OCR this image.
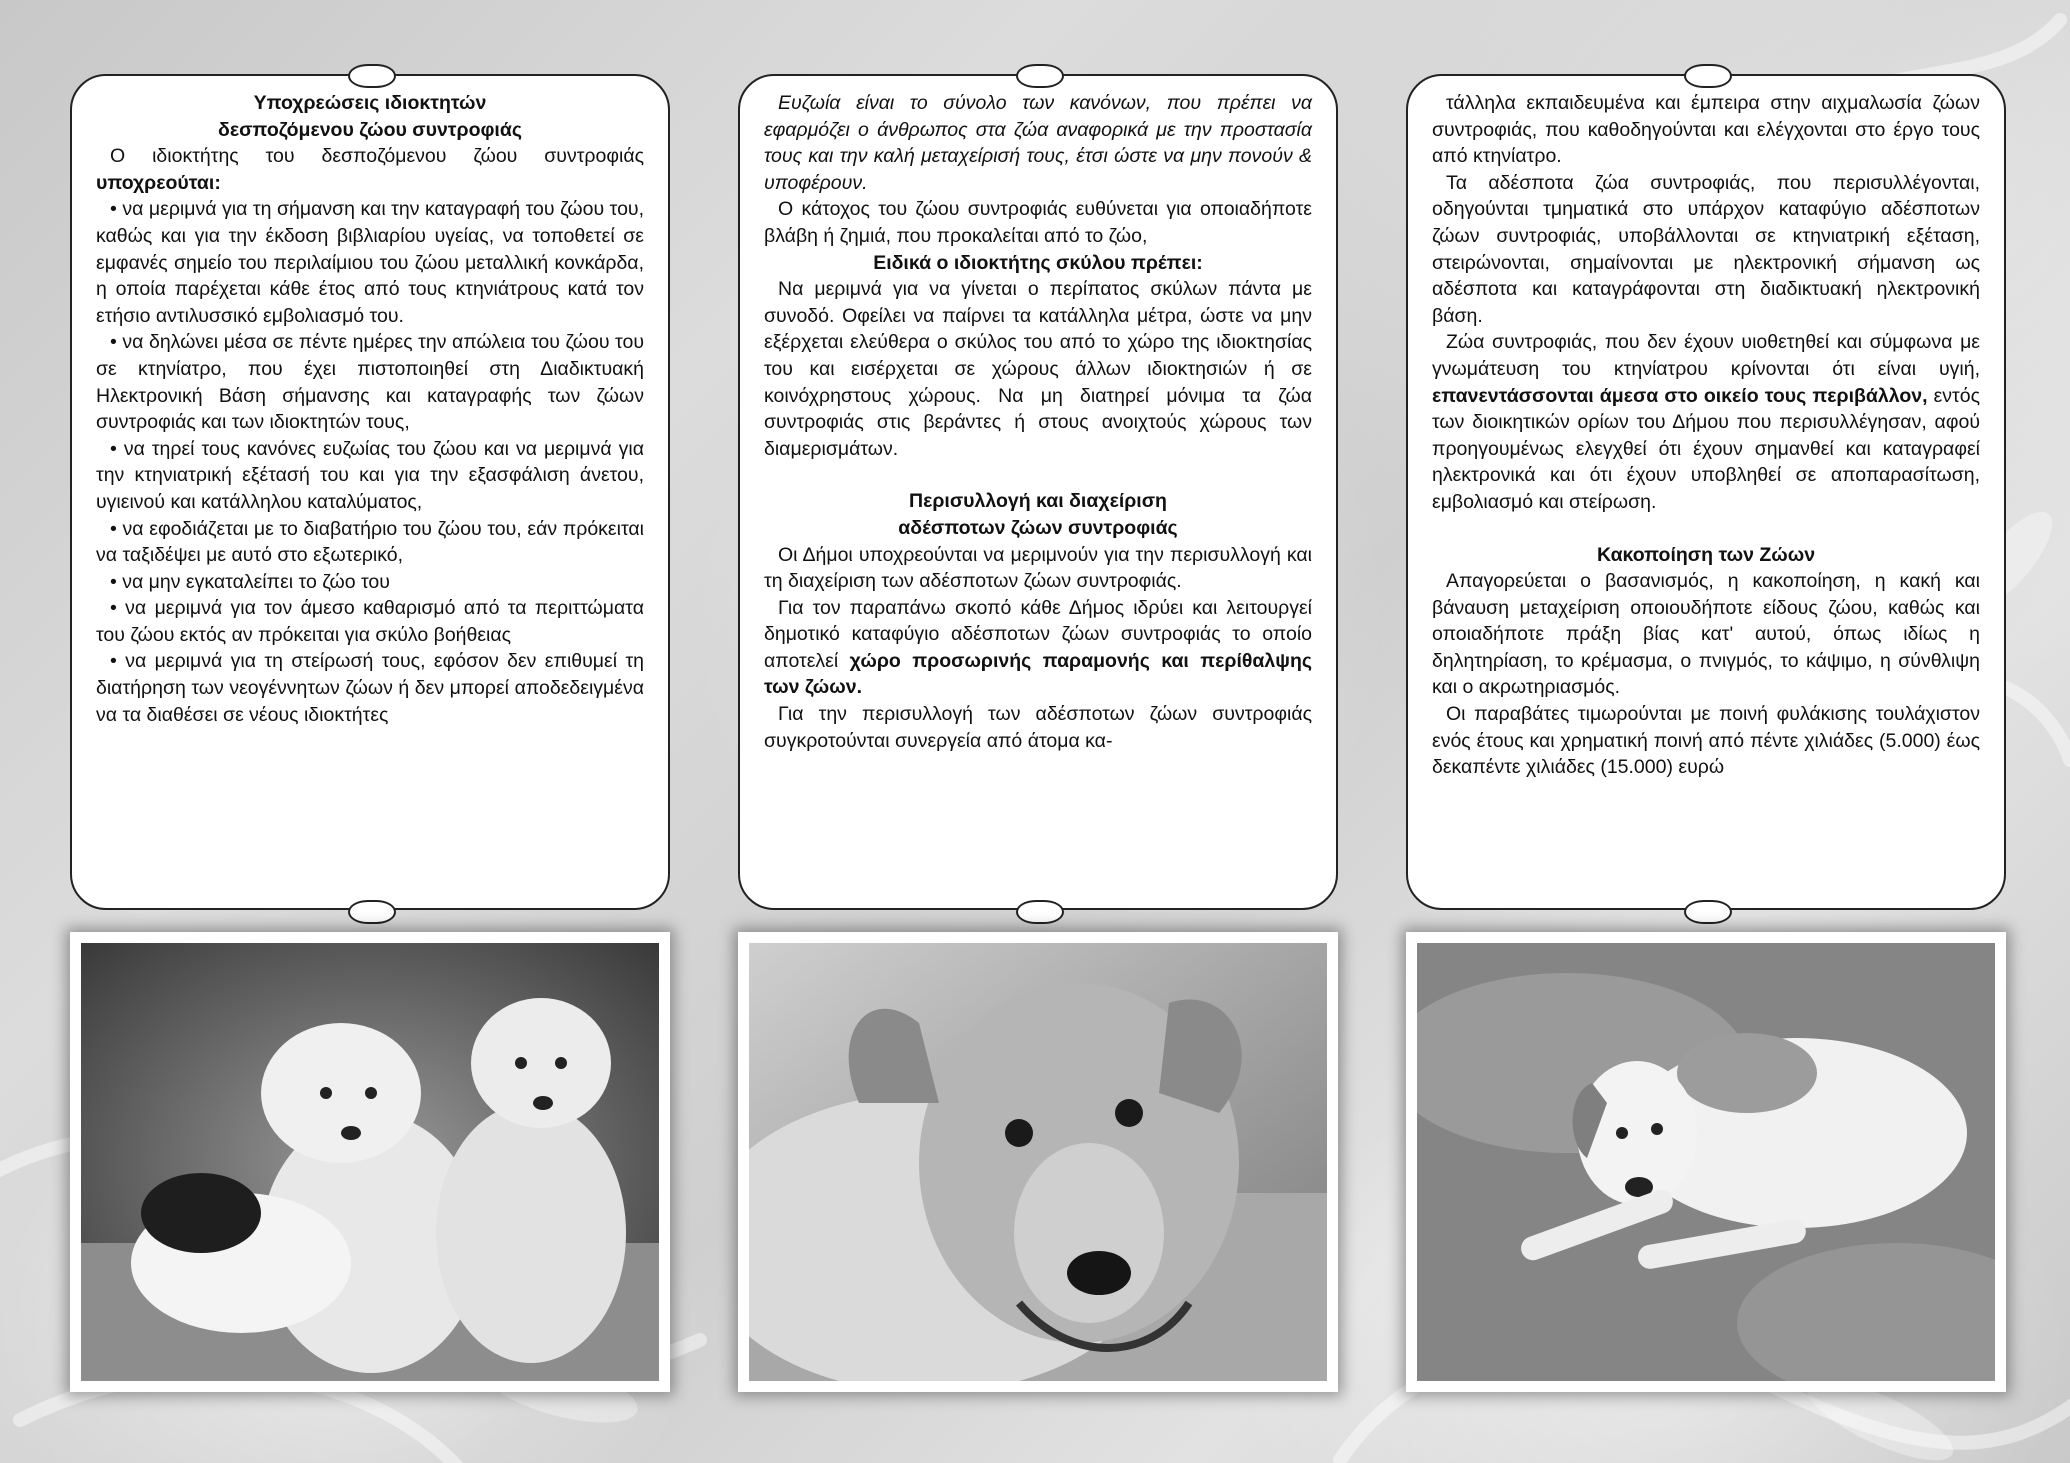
Υποχρεώσεις ιδιοκτητών
δεσποζόμενου ζώου συντροφιάς

Ο ιδιοκτήτης του δεσποζόμενου ζώου συντροφιάς υποχρεούται:

• να μεριμνά για τη σήμανση και την καταγραφή του ζώου του, καθώς και για την έκδοση βιβλιαρίου υγείας, να τοποθετεί σε εμφανές σημείο του περιλαίμιου του ζώου μεταλλική κονκάρδα, η οποία παρέχεται κάθε έτος από τους κτηνιάτρους κατά τον ετήσιο αντιλυσσικό εμβολιασμό του.

• να δηλώνει μέσα σε πέντε ημέρες την απώλεια του ζώου του σε κτηνίατρο, που έχει πιστοποιηθεί στη Διαδικτυακή Ηλεκτρονική Βάση σήμανσης και καταγραφής των ζώων συντροφιάς και των ιδιοκτητών τους,

• να τηρεί τους κανόνες ευζωίας του ζώου και να μεριμνά για την κτηνιατρική εξέτασή του και για την εξασφάλιση άνετου, υγιεινού και κατάλληλου καταλύματος,

• να εφοδιάζεται με το διαβατήριο του ζώου του, εάν πρόκειται να ταξιδέψει με αυτό στο εξωτερικό,

• να μην εγκαταλείπει το ζώο του

• να μεριμνά για τον άμεσο καθαρισμό από τα περιττώματα του ζώου εκτός αν πρόκειται για σκύλο βοήθειας

• να μεριμνά για τη στείρωσή τους, εφόσον δεν επιθυμεί τη διατήρηση των νεογέννητων ζώων ή δεν μπορεί αποδεδειγμένα να τα διαθέσει σε νέους ιδιοκτήτες

Ευζωία είναι το σύνολο των κανόνων, που πρέπει να εφαρμόζει ο άνθρωπος στα ζώα αναφορικά με την προστασία τους και την καλή μεταχείρισή τους, έτσι ώστε να μην πονούν & υποφέρουν.

Ο κάτοχος του ζώου συντροφιάς ευθύνεται για οποιαδήποτε βλάβη ή ζημιά, που προκαλείται από το ζώο,

Ειδικά ο ιδιοκτήτης σκύλου πρέπει:

Να μεριμνά για να γίνεται ο περίπατος σκύλων πάντα με συνοδό. Οφείλει να παίρνει τα κατάλληλα μέτρα, ώστε να μην εξέρχεται ελεύθερα ο σκύλος του από το χώρο της ιδιοκτησίας του και εισέρχεται σε χώρους άλλων ιδιοκτησιών ή σε κοινόχρηστους χώρους. Να μη διατηρεί μόνιμα τα ζώα συντροφιάς στις βεράντες ή στους ανοιχτούς χώρους των διαμερισμάτων.

Περισυλλογή και διαχείριση
αδέσποτων ζώων συντροφιάς

Οι Δήμοι υποχρεούνται να μεριμνούν για την περισυλλογή και τη διαχείριση των αδέσποτων ζώων συντροφιάς.

Για τον παραπάνω σκοπό κάθε Δήμος ιδρύει και λειτουργεί δημοτικό καταφύγιο αδέσποτων ζώων συντροφιάς το οποίο αποτελεί χώρο προσωρινής παραμονής και περίθαλψης των ζώων.

Για την περισυλλογή των αδέσποτων ζώων συντροφιάς συγκροτούνται συνεργεία από άτομα κα-

τάλληλα εκπαιδευμένα και έμπειρα στην αιχμαλωσία ζώων συντροφιάς, που καθοδηγούνται και ελέγχονται στο έργο τους από κτηνίατρο.

Τα αδέσποτα ζώα συντροφιάς, που περισυλλέγονται, οδηγούνται τμηματικά στο υπάρχον καταφύγιο αδέσποτων ζώων συντροφιάς, υποβάλλονται σε κτηνιατρική εξέταση, στειρώνονται, σημαίνονται με ηλεκτρονική σήμανση ως αδέσποτα και καταγράφονται στη διαδικτυακή ηλεκτρονική βάση.

Ζώα συντροφιάς, που δεν έχουν υιοθετηθεί και σύμφωνα με γνωμάτευση του κτηνίατρου κρίνονται ότι είναι υγιή, επανεντάσσονται άμεσα στο οικείο τους περιβάλλον, εντός των διοικητικών ορίων του Δήμου που περισυλλέγησαν, αφού προηγουμένως ελεγχθεί ότι έχουν σημανθεί και καταγραφεί ηλεκτρονικά και ότι έχουν υποβληθεί σε αποπαρασίτωση, εμβολιασμό και στείρωση.

Κακοποίηση των Ζώων

Απαγορεύεται ο βασανισμός, η κακοποίηση, η κακή και βάναυση μεταχείριση οποιουδήποτε είδους ζώου, καθώς και οποιαδήποτε πράξη βίας κατ' αυτού, όπως ιδίως η δηλητηρίαση, το κρέμασμα, ο πνιγμός, το κάψιμο, η σύνθλιψη και ο ακρωτηριασμός.

Οι παραβάτες τιμωρούνται με ποινή φυλάκισης τουλάχιστον ενός έτους και χρηματική ποινή από πέντε χιλιάδες (5.000) έως δεκαπέντε χιλιάδες (15.000) ευρώ
